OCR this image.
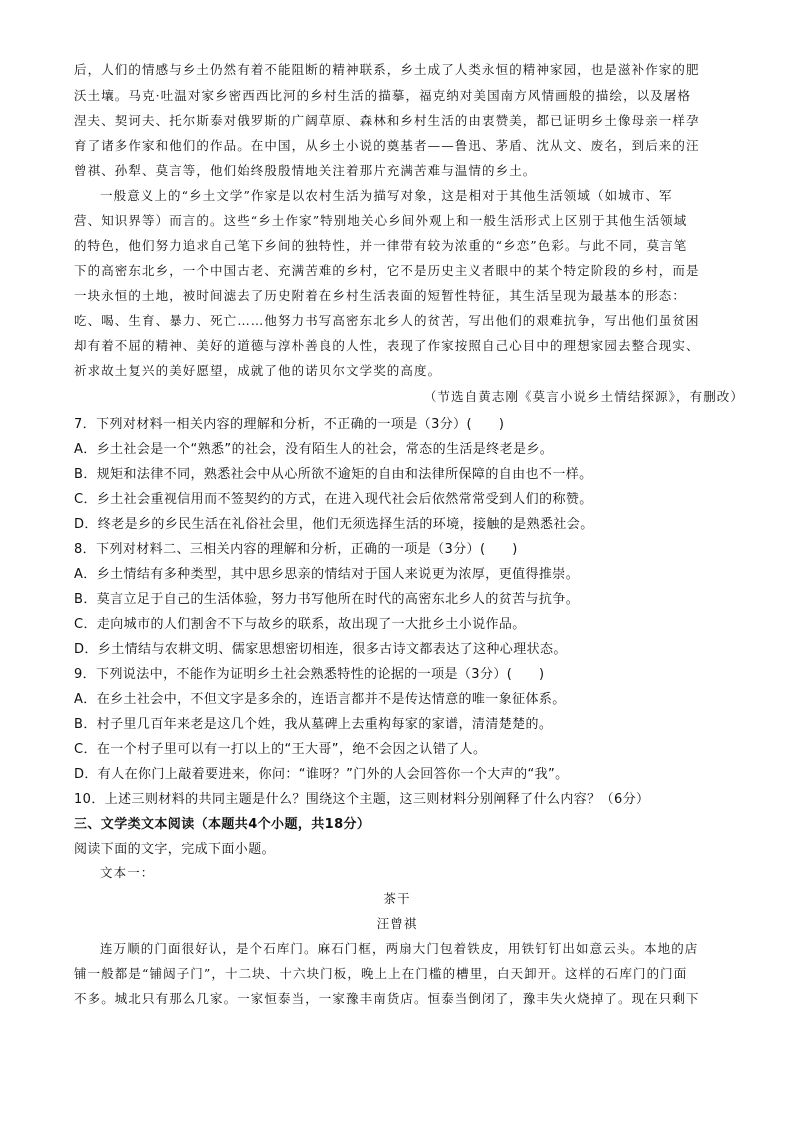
后，人们的情感与乡土仍然有着不能阻断的精神联系，乡土成了人类永恒的精神家园，也是滋补作家的肥
沃土壤。马克·吐温对家乡密西西比河的乡村生活的描摹，福克纳对美国南方风情画般的描绘，以及屠格
涅夫、契诃夫、托尔斯泰对俄罗斯的广阔草原、森林和乡村生活的由衷赞美，都已证明乡土像母亲一样孕
育了诸多作家和他们的作品。在中国，从乡土小说的奠基者——鲁迅、茅盾、沈从文、废名，到后来的汪
曾祺、孙犁、莫言等，他们始终殷殷情地关注着那片充满苦难与温情的乡土。
一般意义上的“乡土文学”作家是以农村生活为描写对象，这是相对于其他生活领域（如城市、军
营、知识界等）而言的。这些“乡土作家”特别地关心乡间外观上和一般生活形式上区别于其他生活领域
的特色，他们努力追求自己笔下乡间的独特性，并一律带有较为浓重的“乡恋”色彩。与此不同，莫言笔
下的高密东北乡，一个中国古老、充满苦难的乡村，它不是历史主义者眼中的某个特定阶段的乡村，而是
一块永恒的土地，被时间滤去了历史附着在乡村生活表面的短暂性特征，其生活呈现为最基本的形态：
吃、喝、生育、暴力、死亡……他努力书写高密东北乡人的贫苦，写出他们的艰难抗争，写出他们虽贫困
却有着不屈的精神、美好的道德与淳朴善良的人性，表现了作家按照自己心目中的理想家园去整合现实、
祈求故土复兴的美好愿望，成就了他的诺贝尔文学奖的高度。
（节选自黄志刚《莫言小说乡土情结探源》，有删改）
7．下列对材料一相关内容的理解和分析，不正确的一项是（3分）(　　)
A．乡土社会是一个“熟悉”的社会，没有陌生人的社会，常态的生活是终老是乡。
B．规矩和法律不同，熟悉社会中从心所欲不逾矩的自由和法律所保障的自由也不一样。
C．乡土社会重视信用而不签契约的方式，在进入现代社会后依然常常受到人们的称赞。
D．终老是乡的乡民生活在礼俗社会里，他们无须选择生活的环境，接触的是熟悉社会。
8．下列对材料二、三相关内容的理解和分析，正确的一项是（3分）(　　)
A．乡土情结有多种类型，其中思乡思亲的情结对于国人来说更为浓厚，更值得推崇。
B．莫言立足于自己的生活体验，努力书写他所在时代的高密东北乡人的贫苦与抗争。
C．走向城市的人们割舍不下与故乡的联系，故出现了一大批乡土小说作品。
D．乡土情结与农耕文明、儒家思想密切相连，很多古诗文都表达了这种心理状态。
9．下列说法中，不能作为证明乡土社会熟悉特性的论据的一项是（3分）(　　)
A．在乡土社会中，不但文字是多余的，连语言都并不是传达情意的唯一象征体系。
B．村子里几百年来老是这几个姓，我从墓碑上去重构每家的家谱，清清楚楚的。
C．在一个村子里可以有一打以上的“王大哥”，绝不会因之认错了人。
D．有人在你门上敲着要进来，你问：“谁呀？”门外的人会回答你一个大声的“我”。
10．上述三则材料的共同主题是什么？围绕这个主题，这三则材料分别阐释了什么内容？（6分）
三、文学类文本阅读（本题共4个小题，共18分）
阅读下面的文字，完成下面小题。
文本一：
茶干
汪曾祺
连万顺的门面很好认，是个石库门。麻石门框，两扇大门包着铁皮，用铁钉钉出如意云头。本地的店
铺一般都是“铺闼子门”，十二块、十六块门板，晚上上在门槛的槽里，白天卸开。这样的石库门的门面
不多。城北只有那么几家。一家恒泰当，一家豫丰南货店。恒泰当倒闭了，豫丰失火烧掉了。现在只剩下
